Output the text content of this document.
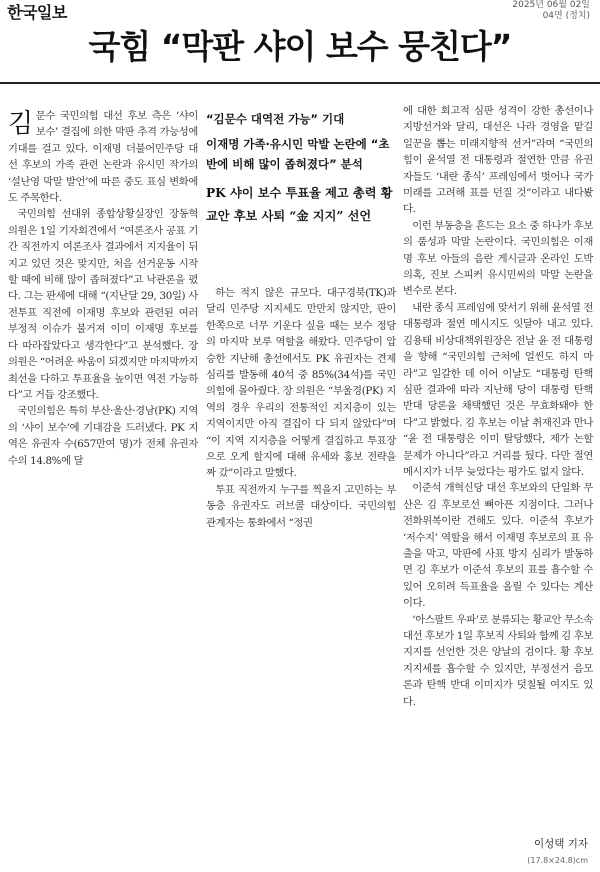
한국일보	2025년 06월 02일
04면 (정치)
국힘 “막판 샤이 보수 뭉친다”

김문수 국민의힘 대선 후보 측은 ‘샤이 보수’ 결집에 의한 막판 추격 가능성에 기대를 걸고 있다. 이재명 더불어민주당 대선 후보의 가족 관련 논란과 유시민 작가의 ‘설난영 막말 발언’에 따른 중도 표심 변화에도 주목한다.

국민의힘 선대위 종합상황실장인 장동혁 의원은 1일 기자회견에서 “여론조사 공표 기간 직전까지 여론조사 결과에서 지지율이 뒤지고 있던 것은 맞지만, 처음 선거운동 시작할 때에 비해 많이 좁혀졌다”고 낙관론을 폈다. 그는 판세에 대해 “(지난달 29, 30일) 사전투표 직전에 이재명 후보와 관련된 여러 부정적 이슈가 불거져 이미 이재명 후보를 다 따라잡았다고 생각한다”고 분석했다. 장 의원은 “어려운 싸움이 되겠지만 마지막까지 최선을 다하고 투표율을 높이면 역전 가능하다”고 거듭 강조했다.

국민의힘은 특히 부산·울산·경남(PK) 지역의 ‘샤이 보수’에 기대감을 드러냈다. PK 지역은 유권자 수(657만여 명)가 전체 유권자 수의 14.8%에 달

“김문수 대역전 가능” 기대
이재명 가족·유시민 막발 논란에 “초반에 비해 많이 좁혀졌다” 분석
PK 샤이 보수 투표율 제고 총력 황교안 후보 사퇴 “金 지지” 선언

하는 적지 않은 규모다. 대구경북(TK)과 달리 민주당 지지세도 만만치 않지만, 판이 한쪽으로 너무 기운다 싶을 때는 보수 정당의 마지막 보루 역할을 해왔다. 민주당이 압승한 지난해 총선에서도 PK 유권자는 견제 심리를 발동해 40석 중 85%(34석)를 국민의힘에 몰아줬다. 장 의원은 “부울경(PK) 지역의 경우 우리의 전통적인 지지층이 있는 지역이지만 아직 결집이 다 되지 않았다”며 “이 지역 지지층을 어떻게 결집하고 투표장으로 오게 할지에 대해 유세와 홍보 전략을 짜 갔”이라고 말했다.

투표 직전까지 누구를 찍을지 고민하는 부동층 유권자도 러브콜 대상이다. 국민의힘 관계자는 통화에서 “정권

에 대한 회고적 심판 성격이 강한 총선이나 지방선거와 달리, 대선은 나라 경영을 맡길 일꾼을 뽑는 미래지향적 선거”라며 “국민의힘이 윤석열 전 대통령과 절연한 만큼 유권자들도 ‘내란 종식’ 프레임에서 벗어나 국가 미래를 고려해 표를 던질 것”이라고 내다봤다.

이런 부동층을 흔드는 요소 중 하나가 후보의 품성과 막말 논란이다. 국민의힘은 이재명 후보 아들의 음란 게시글과 온라인 도박 의혹, 진보 스피커 유시민씨의 막말 논란을 변수로 본다.

내란 종식 프레임에 맞서기 위해 윤석열 전 대통령과 절연 메시지도 잇달아 내고 있다. 김용태 비상대책위원장은 전날 윤 전 대통령을 향해 “국민의힘 근처에 얼씬도 하지 마라”고 일갈한 데 이어 이날도 “대통령 탄핵심판 결과에 따라 지난해 당이 대통령 탄핵 반대 당론을 채택했던 것은 무효화돼야 한다”고 밝혔다. 김 후보는 이날 취재진과 만나 “윤 전 대통령은 이미 탈당했다, 제가 논할 문제가 아니다”라고 거리를 뒀다. 다만 절연 메시지가 너무 늦었다는 평가도 없지 않다.

이준석 개혁신당 대선 후보와의 단일화 무산은 김 후보로선 뼈아픈 지점이다. 그러나 전화위복이란 견해도 있다. 이준석 후보가 ‘저수지’ 역할을 해서 이재명 후보로의 표 유출을 막고, 막판에 사표 방지 심리가 발동하면 김 후보가 이준석 후보의 표를 흡수할 수 있어 오히려 득표율을 올릴 수 있다는 계산이다.

‘아스팔트 우파’로 분류되는 황교안 무소속 대선 후보가 1일 후보직 사퇴와 함께 김 후보 지지를 선언한 것은 양날의 검이다. 황 후보 지지세를 흡수할 수 있지만, 부정선거 음모론과 탄핵 반대 이미지가 덧칠될 여지도 있다.

이성택 기자
(17.8×24.8)cm
